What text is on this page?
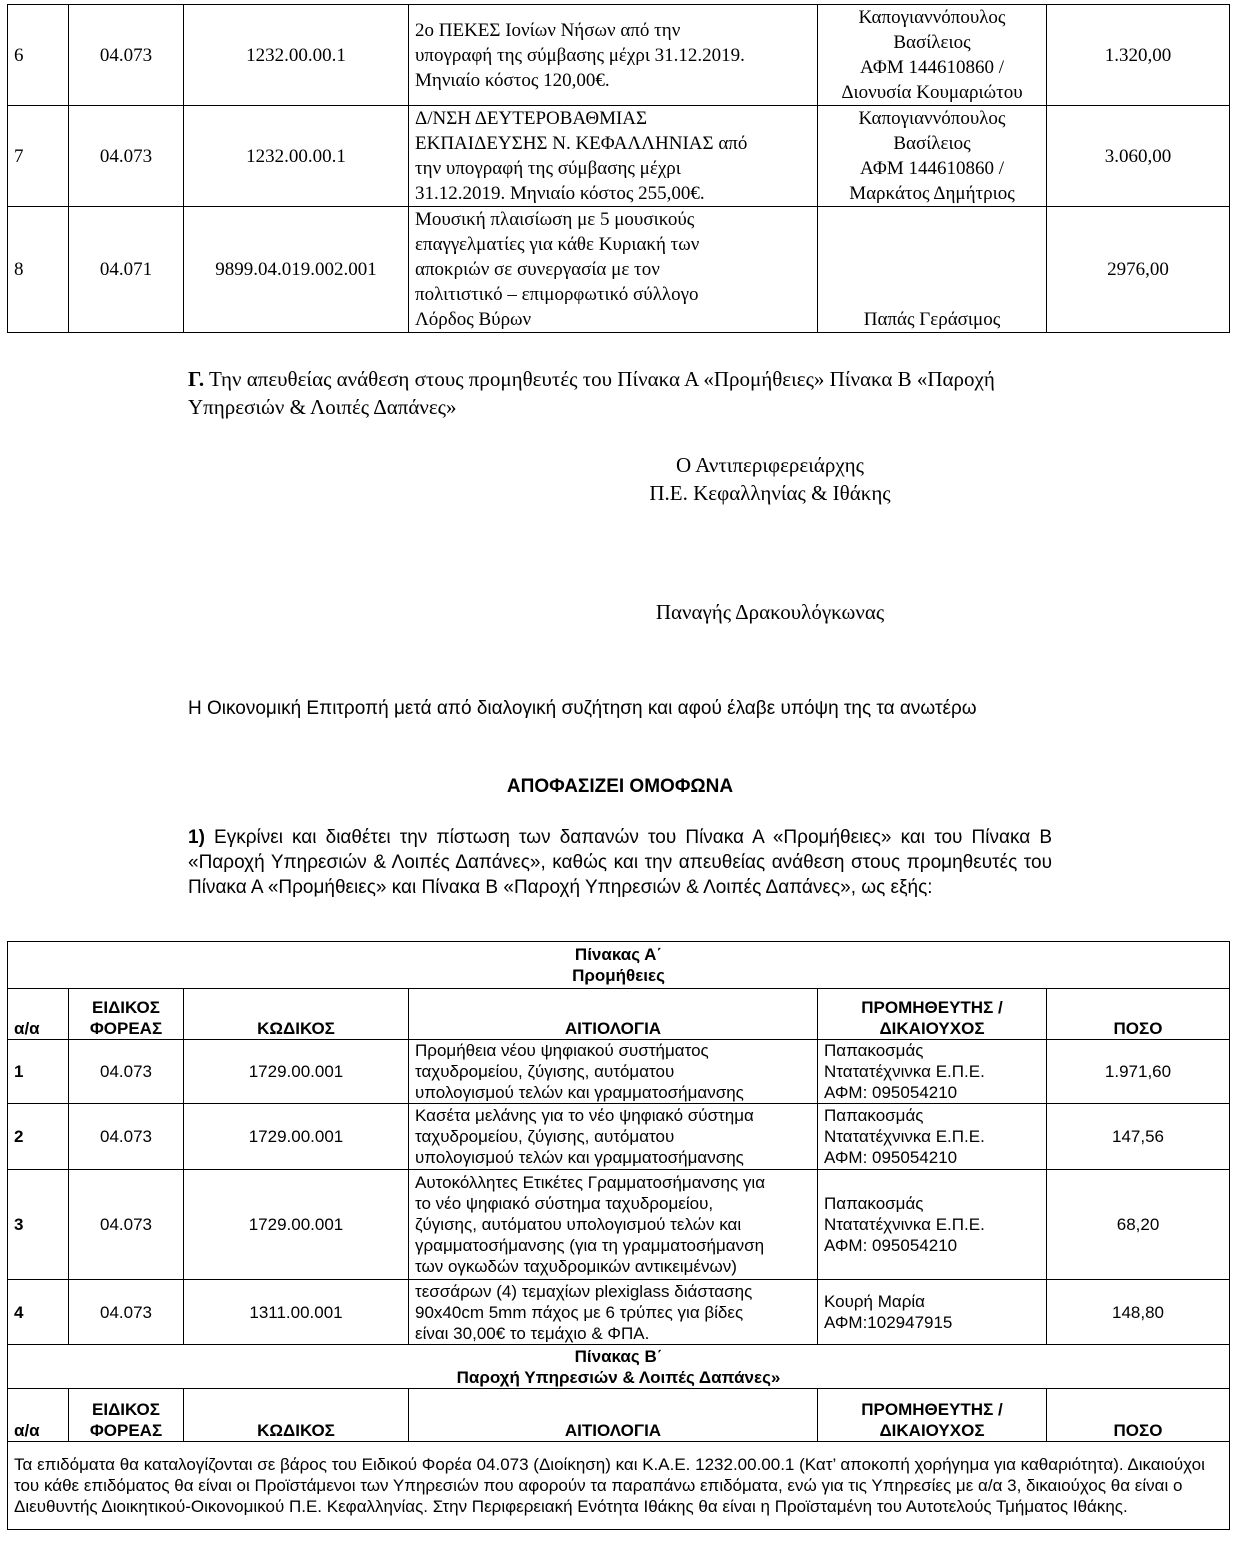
6	04.073	1232.00.00.1	2ο ΠΕΚΕΣ Ιονίων Νήσων από την
υπογραφή της σύμβασης μέχρι 31.12.2019.
Μηνιαίο κόστος 120,00€.	Καπογιαννόπουλος
Βασίλειος
ΑΦΜ 144610860 /
Διονυσία Κουμαριώτου	1.320,00
7	04.073	1232.00.00.1	Δ/ΝΣΗ ΔΕΥΤΕΡΟΒΑΘΜΙΑΣ
ΕΚΠΑΙΔΕΥΣΗΣ Ν. ΚΕΦΑΛΛΗΝΙΑΣ από
την υπογραφή της σύμβασης μέχρι
31.12.2019. Μηνιαίο κόστος 255,00€.	Καπογιαννόπουλος
Βασίλειος
ΑΦΜ 144610860 /
Μαρκάτος Δημήτριος	3.060,00
8	04.071	9899.04.019.002.001	Μουσική πλαισίωση με 5 μουσικούς
επαγγελματίες για κάθε Κυριακή των
αποκριών σε συνεργασία με τον
πολιτιστικό – επιμορφωτικό σύλλογο
Λόρδος Βύρων	Παπάς Γεράσιμος	2976,00
Γ. Την απευθείας ανάθεση στους προμηθευτές του Πίνακα Α «Προμήθειες» Πίνακα Β «Παροχή Υπηρεσιών & Λοιπές Δαπάνες»
Ο Αντιπεριφερειάρχης
Π.Ε. Κεφαλληνίας & Ιθάκης
Παναγής Δρακουλόγκωνας
Η Οικονομική Επιτροπή μετά από διαλογική συζήτηση και αφού έλαβε υπόψη της τα ανωτέρω
ΑΠΟΦΑΣΙΖΕΙ ΟΜΟΦΩΝΑ
1) Εγκρίνει και διαθέτει την πίστωση των δαπανών του Πίνακα Α «Προμήθειες» και του Πίνακα Β «Παροχή Υπηρεσιών & Λοιπές Δαπάνες», καθώς και την απευθείας ανάθεση στους προμηθευτές του Πίνακα Α «Προμήθειες» και Πίνακα Β «Παροχή Υπηρεσιών & Λοιπές Δαπάνες», ως εξής:
Πίνακας Α΄
Προμήθειες					

α/α	ΕΙΔΙΚΟΣ
ΦΟΡΕΑΣ	ΚΩΔΙΚΟΣ	ΑΙΤΙΟΛΟΓΙΑ	ΠΡΟΜΗΘΕΥΤΗΣ /
ΔΙΚΑΙΟΥΧΟΣ	ΠΟΣΟ
1	04.073	1729.00.001	Προμήθεια νέου ψηφιακού συστήματος
ταχυδρομείου, ζύγισης, αυτόματου
υπολογισμού τελών και γραμματοσήμανσης	Παπακοσμάς
Ντατατέχνινκα Ε.Π.Ε.
ΑΦΜ: 095054210	1.971,60
2	04.073	1729.00.001	Κασέτα μελάνης για το νέο ψηφιακό σύστημα
ταχυδρομείου, ζύγισης, αυτόματου
υπολογισμού τελών και γραμματοσήμανσης	Παπακοσμάς
Ντατατέχνινκα Ε.Π.Ε.
ΑΦΜ: 095054210	147,56
3	04.073	1729.00.001	Αυτοκόλλητες Ετικέτες Γραμματοσήμανσης για
το νέο ψηφιακό σύστημα ταχυδρομείου,
ζύγισης, αυτόματου υπολογισμού τελών και
γραμματοσήμανσης (για τη γραμματοσήμανση
των ογκωδών ταχυδρομικών αντικειμένων)	Παπακοσμάς
Ντατατέχνινκα Ε.Π.Ε.
ΑΦΜ: 095054210	68,20
4	04.073	1311.00.001	τεσσάρων (4) τεμαχίων plexiglass διάστασης
90x40cm 5mm πάχος με 6 τρύπες για βίδες
είναι 30,00€ το τεμάχιο & ΦΠΑ.	Κουρή Μαρία
ΑΦΜ:102947915	148,80

Πίνακας Β΄
Παροχή Υπηρεσιών & Λοιπές Δαπάνες»					

α/α	ΕΙΔΙΚΟΣ
ΦΟΡΕΑΣ	ΚΩΔΙΚΟΣ	ΑΙΤΙΟΛΟΓΙΑ	ΠΡΟΜΗΘΕΥΤΗΣ /
ΔΙΚΑΙΟΥΧΟΣ	ΠΟΣΟ
Τα επιδόματα θα καταλογίζονται σε βάρος του Ειδικού Φορέα 04.073 (Διοίκηση) και Κ.Α.Ε. 1232.00.00.1 (Κατ’ αποκοπή χορήγημα για καθαριότητα). Δικαιούχοι του κάθε επιδόματος θα είναι οι Προϊστάμενοι των Υπηρεσιών που αφορούν τα παραπάνω επιδόματα, ενώ για τις Υπηρεσίες με α/α 3, δικαιούχος θα είναι ο Διευθυντής Διοικητικού-Οικονομικού Π.Ε. Κεφαλληνίας. Στην Περιφερειακή Ενότητα Ιθάκης θα είναι η Προϊσταμένη του Αυτοτελούς Τμήματος Ιθάκης.					
